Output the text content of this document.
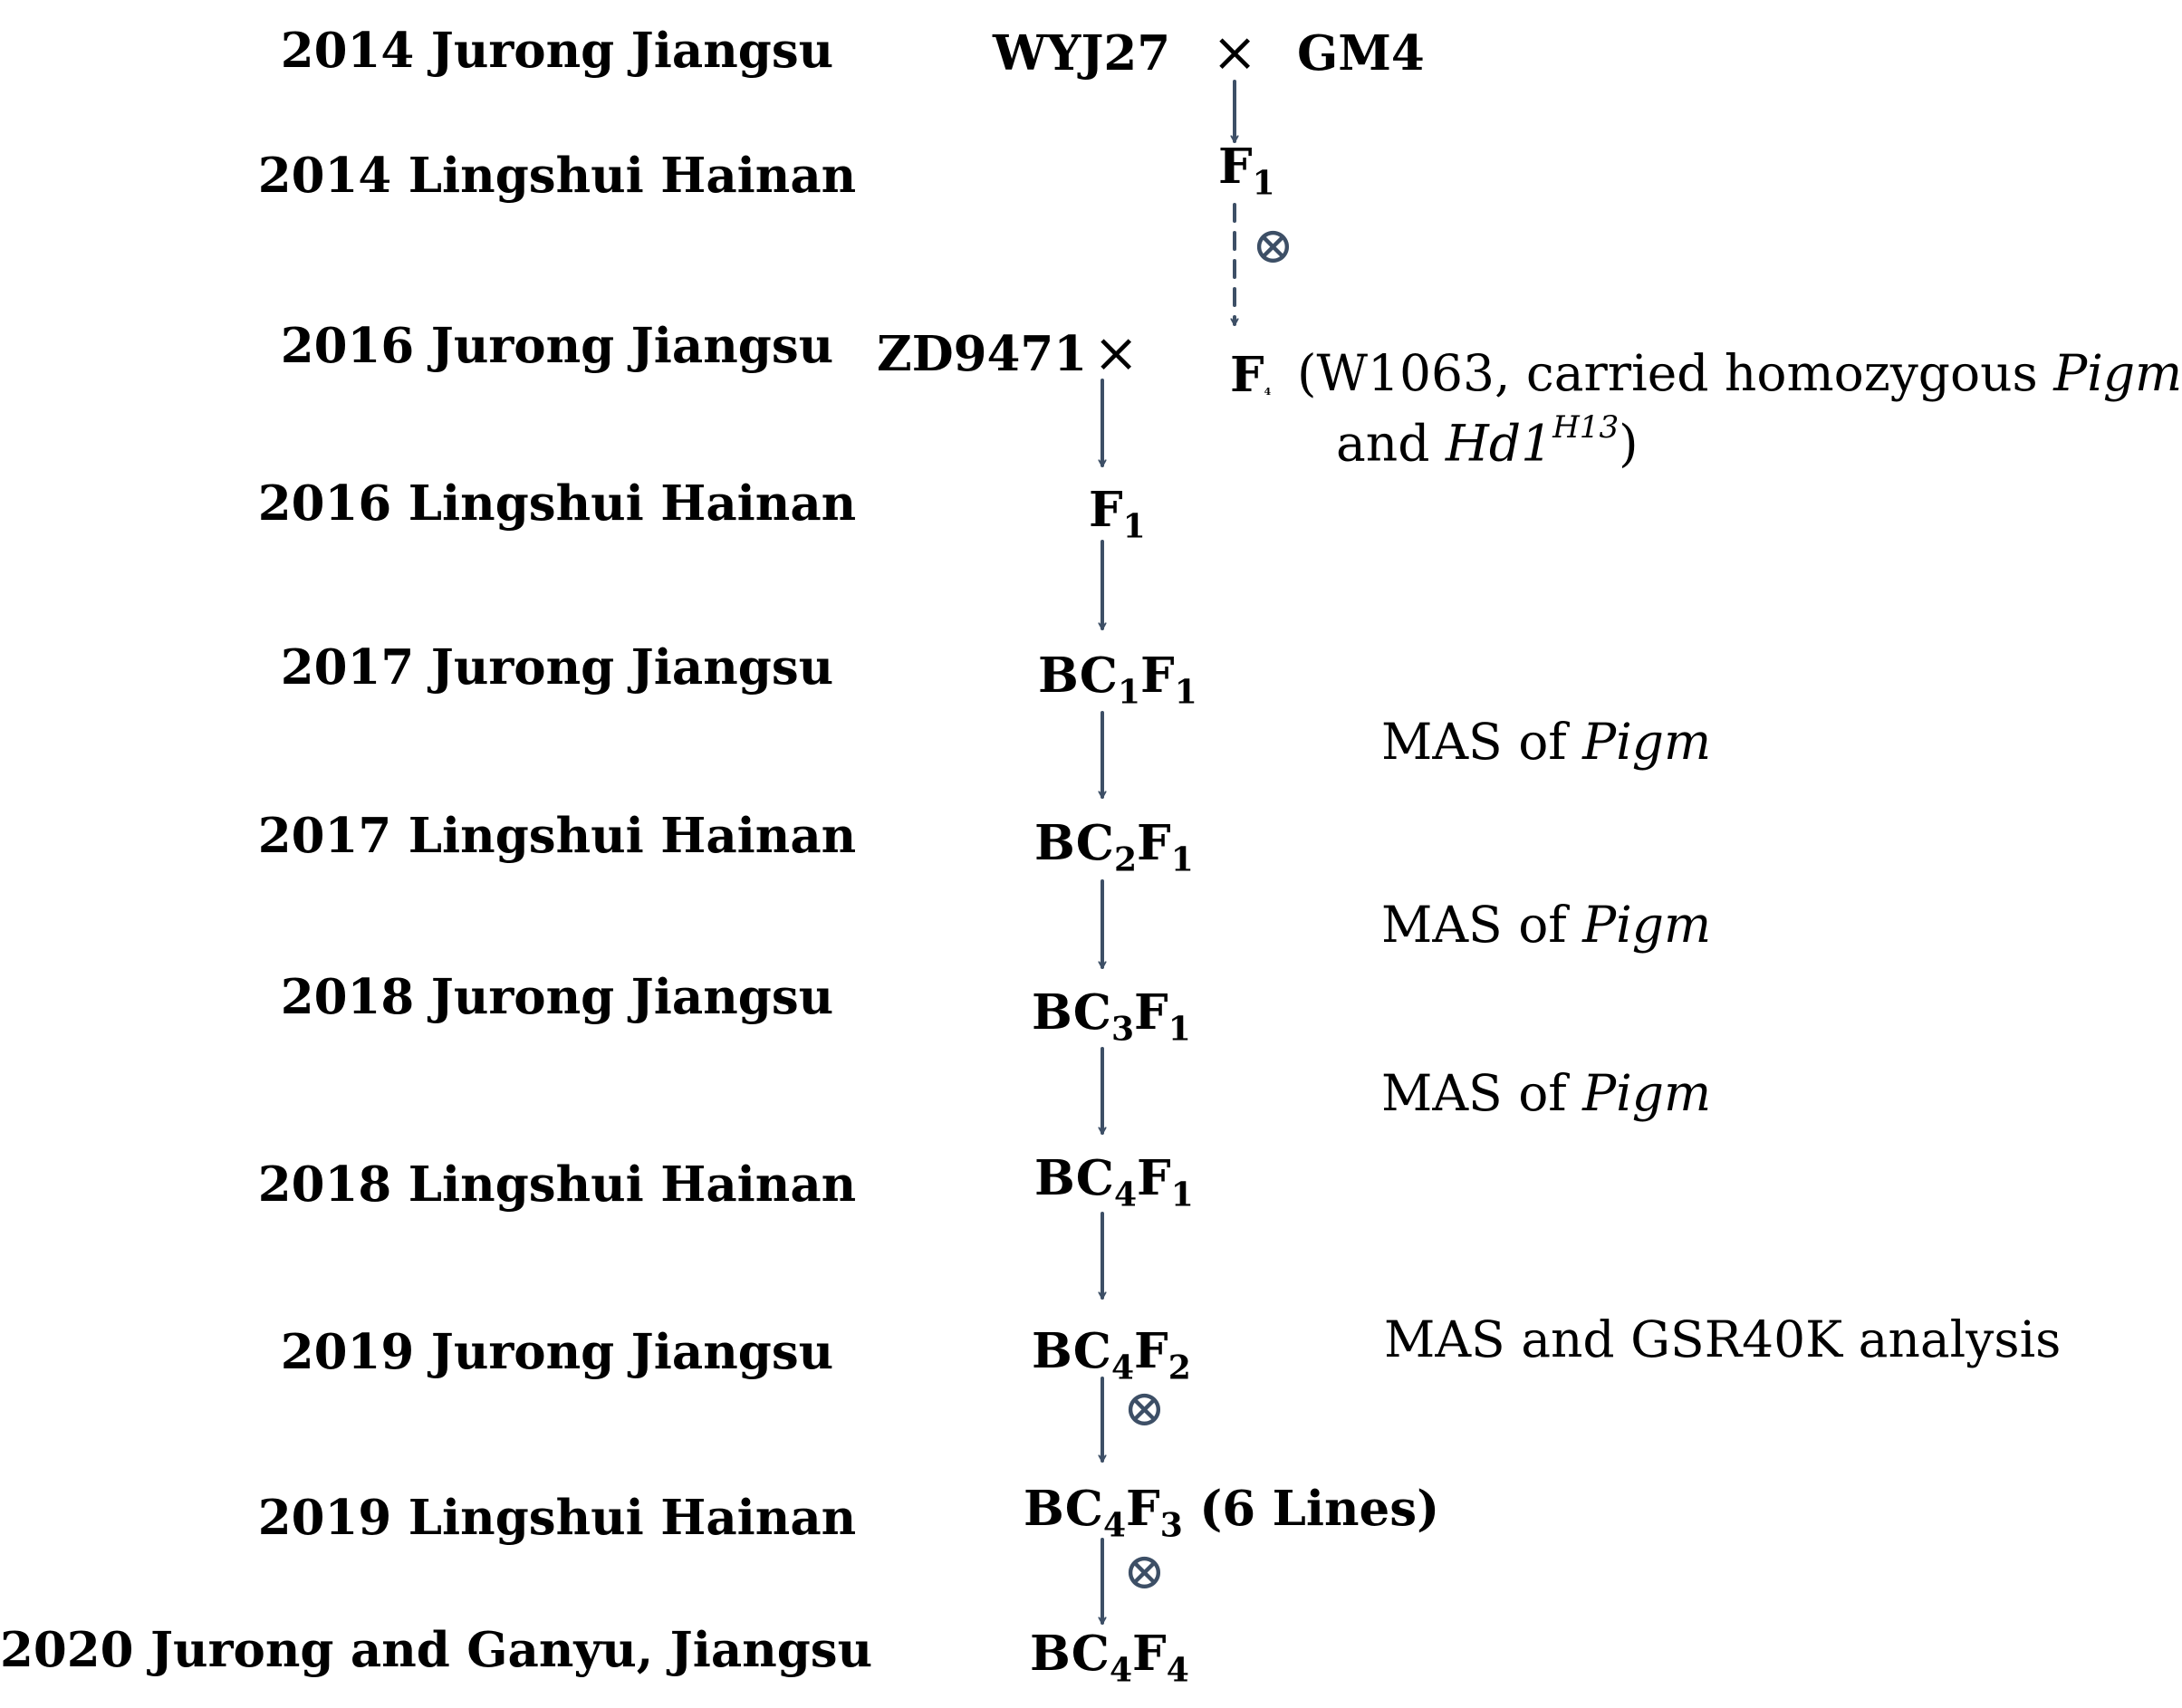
2014 Jurong Jiangsu
2014 Lingshui Hainan
2016 Jurong Jiangsu
2016 Lingshui Hainan
2017 Jurong Jiangsu
2017 Lingshui Hainan
2018 Jurong Jiangsu
2018 Lingshui Hainan
2019 Jurong Jiangsu
2019 Lingshui Hainan
2020 Jurong and Ganyu, Jiangsu
WYJ27 × GM4
$F_1$
⊗
$ZD9471 \times F_4$ (W1063, carried homozygous Pigm
and $Hd1^{H13}$)
$F_1$
$BC_1F_1$
$BC_2F_1$
$BC_3F_1$
$BC_4F_1$
$BC_4F_2$
⊗
$BC_4F_3$ (6 Lines)
⊗
$BC_4F_4$
MAS of Pigm
MAS of Pigm
MAS of Pigm
MAS and GSR40K analysis
